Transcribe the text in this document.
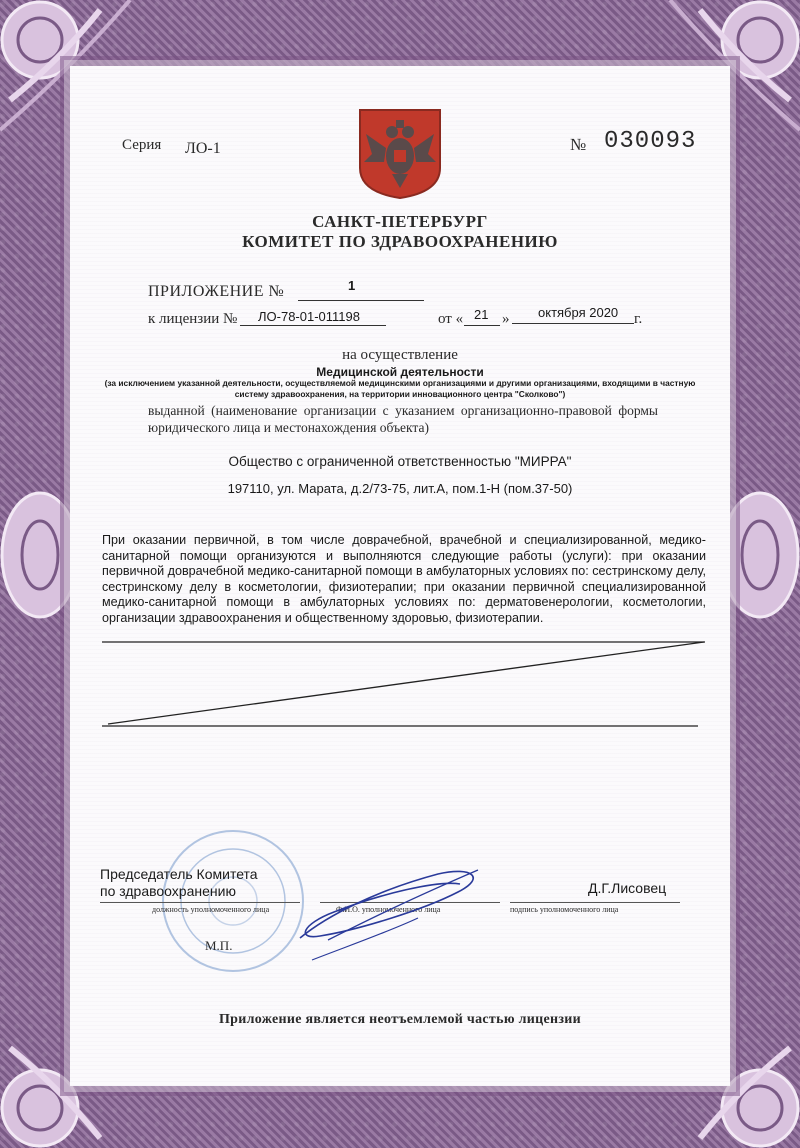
Серия ЛО-1	№ 030093
САНКТ-ПЕТЕРБУРГ
КОМИТЕТ ПО ЗДРАВООХРАНЕНИЮ
ПРИЛОЖЕНИЕ №	1
к лицензии № ЛО-78-01-011198	от « 21 » октября 2020 г.
на осуществление
Медицинской деятельности
(за исключением указанной деятельности, осуществляемой медицинскими организациями и другими организациями, входящими в частную систему здравоохранения, на территории инновационного центра "Сколково")
выданной (наименование организации с указанием организационно-правовой формы юридического лица и местонахождения объекта)
Общество с ограниченной ответственностью "МИРРА"
197110, ул. Марата, д.2/73-75, лит.А, пом.1-Н (пом.37-50)
При оказании первичной, в том числе доврачебной, врачебной и специализированной, медико-санитарной помощи организуются и выполняются следующие работы (услуги): при оказании первичной доврачебной медико-санитарной помощи в амбулаторных условиях по: сестринскому делу, сестринскому делу в косметологии, физиотерапии; при оказании первичной специализированной медико-санитарной помощи в амбулаторных условиях по: дерматовенерологии, косметологии, организации здравоохранения и общественному здоровью, физиотерапии.
Председатель Комитета
по здравоохранению
должность уполномоченного лица	Ф.И.О. уполномоченного лица	подпись уполномоченного лица
Д.Г.Лисовец
М.П.
Приложение является неотъемлемой частью лицензии
